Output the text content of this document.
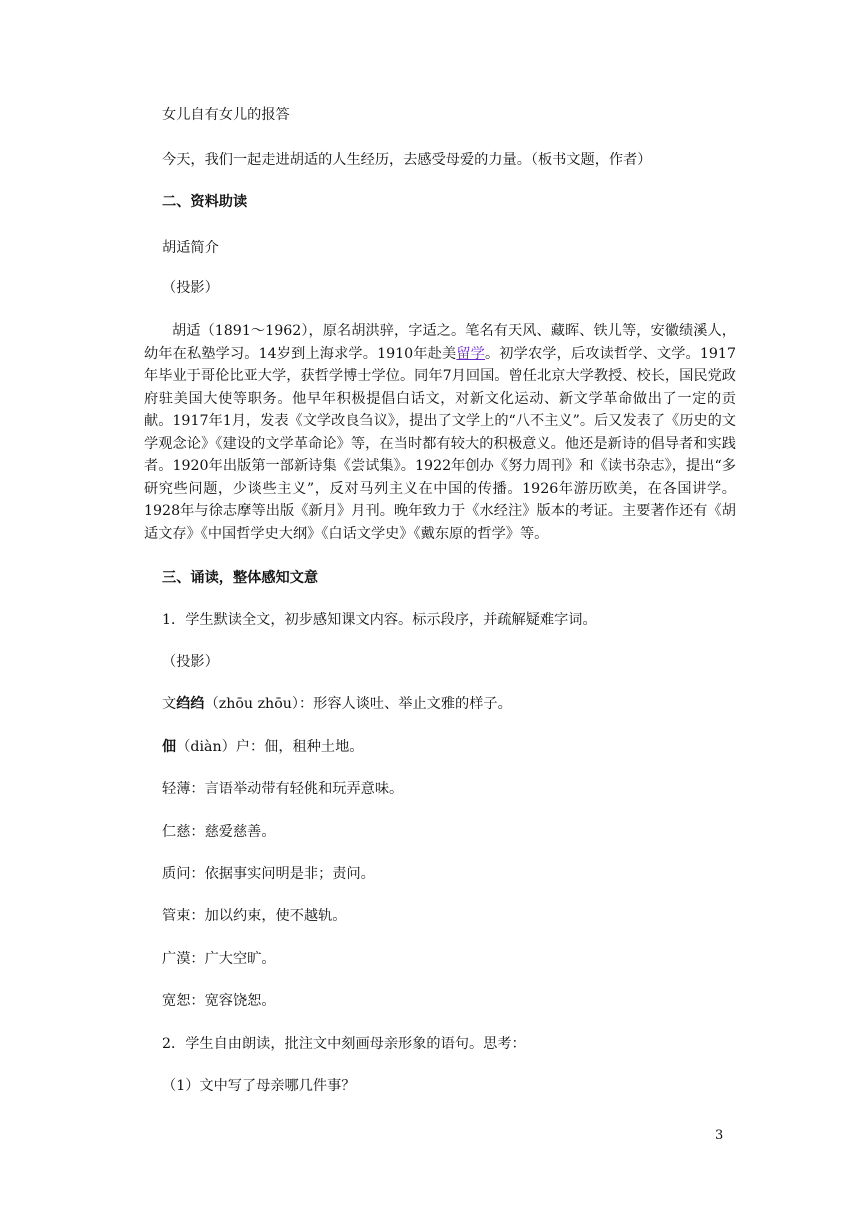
女儿自有女儿的报答
今天，我们一起走进胡适的人生经历，去感受母爱的力量。（板书文题，作者）
二、资料助读
胡适简介
（投影）
胡适（1891～1962），原名胡洪骍，字适之。笔名有天风、藏晖、铁儿等，安徽绩溪人，幼年在私塾学习。14岁到上海求学。1910年赴美留学。初学农学，后攻读哲学、文学。1917年毕业于哥伦比亚大学，获哲学博士学位。同年7月回国。曾任北京大学教授、校长，国民党政府驻美国大使等职务。他早年积极提倡白话文，对新文化运动、新文学革命做出了一定的贡献。1917年1月，发表《文学改良刍议》，提出了文学上的“八不主义”。后又发表了《历史的文学观念论》《建设的文学革命论》等，在当时都有较大的积极意义。他还是新诗的倡导者和实践者。1920年出版第一部新诗集《尝试集》。1922年创办《努力周刊》和《读书杂志》，提出“多研究些问题，少谈些主义”，反对马列主义在中国的传播。1926年游历欧美，在各国讲学。1928年与徐志摩等出版《新月》月刊。晚年致力于《水经注》版本的考证。主要著作还有《胡适文存》《中国哲学史大纲》《白话文学史》《戴东原的哲学》等。
三、诵读，整体感知文意
1．学生默读全文，初步感知课文内容。标示段序，并疏解疑难字词。
（投影）
文绉绉（zhōu zhōu）：形容人谈吐、举止文雅的样子。
佃（diàn）户：佃，租种土地。
轻薄：言语举动带有轻佻和玩弄意味。
仁慈：慈爱慈善。
质问：依据事实问明是非；责问。
管束：加以约束，使不越轨。
广漠：广大空旷。
宽恕：宽容饶恕。
2．学生自由朗读，批注文中刻画母亲形象的语句。思考：
（1）文中写了母亲哪几件事？
3
